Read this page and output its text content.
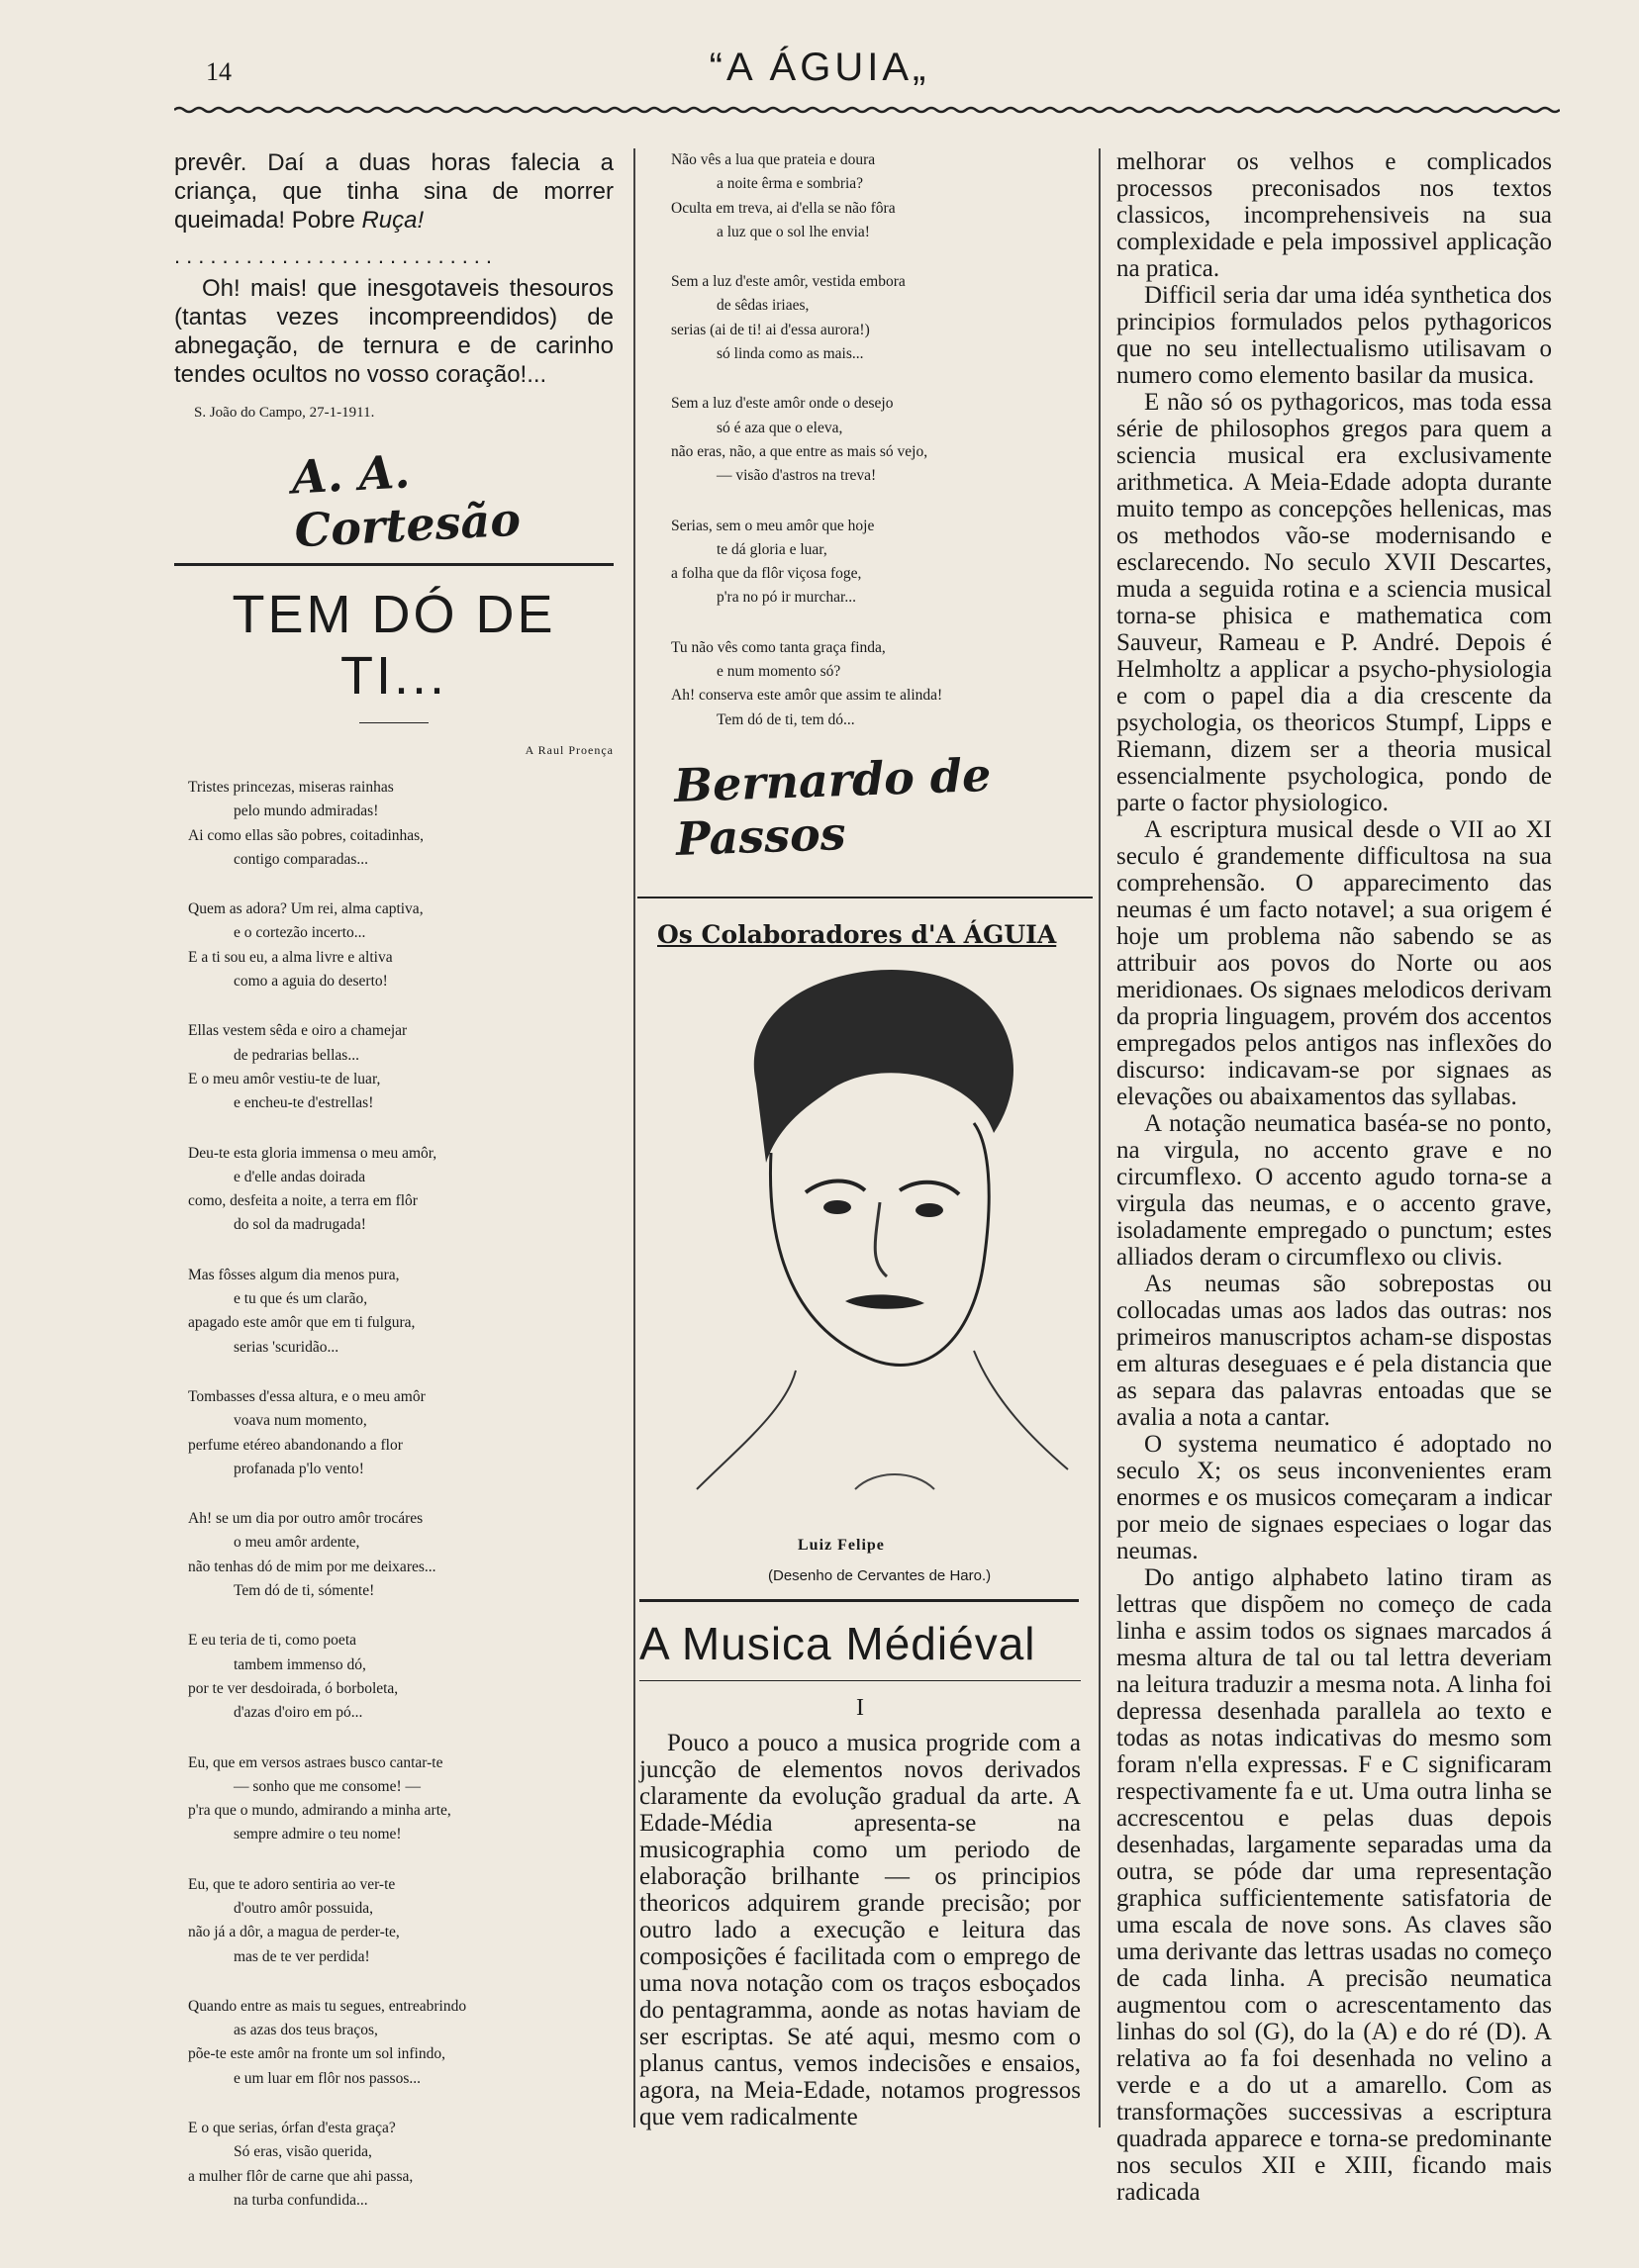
14	“A ÁGUIA„

prevêr. Daí a duas horas falecia a criança, que tinha sina de morrer queimada! Pobre Ruça!

...........................

Oh! mais! que inesgotaveis thesouros (tantas vezes incompreendidos) de abnegação, de ternura e de carinho tendes ocultos no vosso coração!...

S. João do Campo, 27-1-1911.
A. A. Cortesão
TEM DÓ DE TI...
A Raul Proença
Tristes princezas, miseras rainhas
pelo mundo admiradas!
Ai como ellas são pobres, coitadinhas,
contigo comparadas...
Quem as adora? Um rei, alma captiva,
e o cortezão incerto...
E a ti sou eu, a alma livre e altiva
como a aguia do deserto!
Ellas vestem sêda e oiro a chamejar
de pedrarias bellas...
E o meu amôr vestiu-te de luar,
e encheu-te d'estrellas!
Deu-te esta gloria immensa o meu amôr,
e d'elle andas doirada
como, desfeita a noite, a terra em flôr
do sol da madrugada!
Mas fôsses algum dia menos pura,
e tu que és um clarão,
apagado este amôr que em ti fulgura,
serias 'scuridão...
Tombasses d'essa altura, e o meu amôr
voava num momento,
perfume etéreo abandonando a flor
profanada p'lo vento!
Ah! se um dia por outro amôr trocáres
o meu amôr ardente,
não tenhas dó de mim por me deixares...
Tem dó de ti, sómente!
E eu teria de ti, como poeta
tambem immenso dó,
por te ver desdoirada, ó borboleta,
d'azas d'oiro em pó...
Eu, que em versos astraes busco cantar-te
— sonho que me consome! —
p'ra que o mundo, admirando a minha arte,
sempre admire o teu nome!
Eu, que te adoro sentiria ao ver-te
d'outro amôr possuida,
não já a dôr, a magua de perder-te,
mas de te ver perdida!
Quando entre as mais tu segues, entreabrindo
as azas dos teus braços,
põe-te este amôr na fronte um sol infindo,
e um luar em flôr nos passos...
E o que serias, órfan d'esta graça?
Só eras, visão querida,
a mulher flôr de carne que ahi passa,
na turba confundida...
Não vês a lua que prateia e doura
a noite êrma e sombria?
Oculta em treva, ai d'ella se não fôra
a luz que o sol lhe envia!
Sem a luz d'este amôr, vestida embora
de sêdas iriaes,
serias (ai de ti! ai d'essa aurora!)
só linda como as mais...
Sem a luz d'este amôr onde o desejo
só é aza que o eleva,
não eras, não, a que entre as mais só vejo,
— visão d'astros na treva!
Serias, sem o meu amôr que hoje
te dá gloria e luar,
a folha que da flôr viçosa foge,
p'ra no pó ir murchar...
Tu não vês como tanta graça finda,
e num momento só?
Ah! conserva este amôr que assim te alinda!
Tem dó de ti, tem dó...
Bernardo de Passos
Os Colaboradores d'A ÁGUIA
Luiz Felipe
(Desenho de Cervantes de Haro.)
A Musica Médiéval
I

Pouco a pouco a musica progride com a juncção de elementos novos derivados claramente da evolução gradual da arte. A Edade-Média apresenta-se na musicographia como um periodo de elaboração brilhante — os principios theoricos adquirem grande precisão; por outro lado a execução e leitura das composições é facilitada com o emprego de uma nova notação com os traços esboçados do pentagramma, aonde as notas haviam de ser escriptas. Se até aqui, mesmo com o planus cantus, vemos indecisões e ensaios, agora, na Meia-Edade, notamos progressos que vem radicalmente

melhorar os velhos e complicados processos preconisados nos textos classicos, incomprehensiveis na sua complexidade e pela impossivel applicação na pratica.

Difficil seria dar uma idéa synthetica dos principios formulados pelos pythagoricos que no seu intellectualismo utilisavam o numero como elemento basilar da musica.

E não só os pythagoricos, mas toda essa série de philosophos gregos para quem a sciencia musical era exclusivamente arithmetica. A Meia-Edade adopta durante muito tempo as concepções hellenicas, mas os methodos vão-se modernisando e esclarecendo. No seculo XVII Descartes, muda a seguida rotina e a sciencia musical torna-se phisica e mathematica com Sauveur, Rameau e P. André. Depois é Helmholtz a applicar a psycho-physiologia e com o papel dia a dia crescente da psychologia, os theoricos Stumpf, Lipps e Riemann, dizem ser a theoria musical essencialmente psychologica, pondo de parte o factor physiologico.

A escriptura musical desde o VII ao XI seculo é grandemente difficultosa na sua comprehensão. O apparecimento das neumas é um facto notavel; a sua origem é hoje um problema não sabendo se as attribuir aos povos do Norte ou aos meridionaes. Os signaes melodicos derivam da propria linguagem, provém dos accentos empregados pelos antigos nas inflexões do discurso: indicavam-se por signaes as elevações ou abaixamentos das syllabas.

A notação neumatica baséa-se no ponto, na virgula, no accento grave e no circumflexo. O accento agudo torna-se a virgula das neumas, e o accento grave, isoladamente empregado o punctum; estes alliados deram o circumflexo ou clivis.

As neumas são sobrepostas ou collocadas umas aos lados das outras: nos primeiros manuscriptos acham-se dispostas em alturas deseguaes e é pela distancia que as separa das palavras entoadas que se avalia a nota a cantar.

O systema neumatico é adoptado no seculo X; os seus inconvenientes eram enormes e os musicos começaram a indicar por meio de signaes especiaes o logar das neumas.

Do antigo alphabeto latino tiram as lettras que dispõem no começo de cada linha e assim todos os signaes marcados á mesma altura de tal ou tal lettra deveriam na leitura traduzir a mesma nota. A linha foi depressa desenhada parallela ao texto e todas as notas indicativas do mesmo som foram n'ella expressas. F e C significaram respectivamente fa e ut. Uma outra linha se accrescentou e pelas duas depois desenhadas, largamente separadas uma da outra, se póde dar uma representação graphica sufficientemente satisfatoria de uma escala de nove sons. As claves são uma derivante das lettras usadas no começo de cada linha. A precisão neumatica augmentou com o acrescentamento das linhas do sol (G), do la (A) e do ré (D). A relativa ao fa foi desenhada no velino a verde e a do ut a amarello. Com as transformações successivas a escriptura quadrada apparece e torna-se predominante nos seculos XII e XIII, ficando mais radicada
